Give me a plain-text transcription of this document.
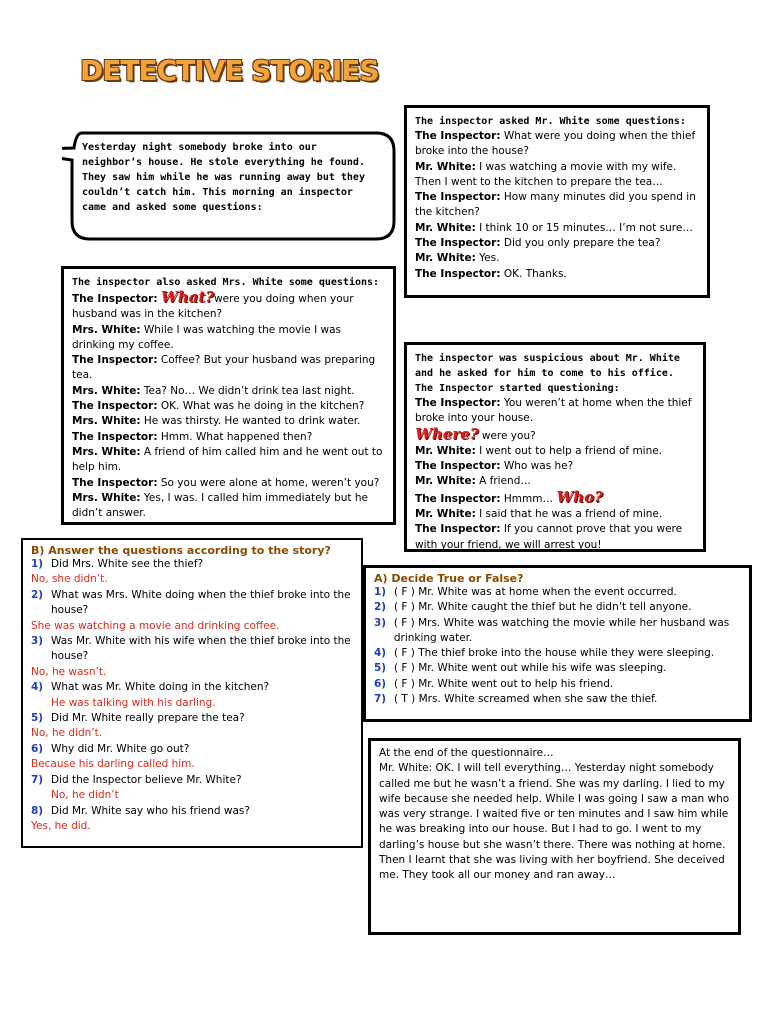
DETECTIVE STORIES
Yesterday night somebody broke into our neighbor’s house. He stole everything he found. They saw him while he was running away but they couldn’t catch him. This morning an inspector came and asked some questions:
The inspector asked Mr. White some questions:
The Inspector: What were you doing when the thief broke into the house?
Mr. White: I was watching a movie with my wife. Then I went to the kitchen to prepare the tea…
The Inspector: How many minutes did you spend in the kitchen?
Mr. White: I think 10 or 15 minutes… I’m not sure…
The Inspector: Did you only prepare the tea?
Mr. White: Yes.
The Inspector: OK. Thanks.
The inspector also asked Mrs. White some questions:
The Inspector: What?were you doing when your husband was in the kitchen?
Mrs. White: While I was watching the movie I was drinking my coffee.
The Inspector: Coffee? But your husband was preparing tea.
Mrs. White: Tea? No… We didn’t drink tea last night.
The Inspector: OK. What was he doing in the kitchen?
Mrs. White: He was thirsty. He wanted to drink water.
The Inspector: Hmm. What happened then?
Mrs. White: A friend of him called him and he went out to help him.
The Inspector: So you were alone at home, weren’t you?
Mrs. White: Yes, I was. I called him immediately but he didn’t answer.
The inspector was suspicious about Mr. White and he asked for him to come to his office. The Inspector started questioning:
The Inspector: You weren’t at home when the thief broke into your house.
Where? were you?
Mr. White: I went out to help a friend of mine.
The Inspector: Who was he?
Mr. White: A friend…
The Inspector: Hmmm… Who?
Mr. White: I said that he was a friend of mine.
The Inspector: If you cannot prove that you were with your friend, we will arrest you!
B) Answer the questions according to the story?
1) Did Mrs. White see the thief?
No, she didn’t.
2) What was Mrs. White doing when the thief broke into the house?
She was watching a movie and drinking coffee.
3) Was Mr. White with his wife when the thief broke into the house?
No, he wasn’t.
4) What was Mr. White doing in the kitchen?
He was talking with his darling.
5) Did Mr. White really prepare the tea?
No, he didn’t.
6) Why did Mr. White go out?
Because his darling called him.
7) Did the Inspector believe Mr. White?
No, he didn’t
8) Did Mr. White say who his friend was?
Yes, he did.
A) Decide True or False?
1) ( F ) Mr. White was at home when the event occurred.
2) ( F ) Mr. White caught the thief but he didn’t tell anyone.
3) ( F ) Mrs. White was watching the movie while her husband was drinking water.
4) ( F ) The thief broke into the house while they were sleeping.
5) ( F ) Mr. White went out while his wife was sleeping.
6) ( F ) Mr. White went out to help his friend.
7) ( T ) Mrs. White screamed when she saw the thief.
At the end of the questionnaire…
Mr. White: OK. I will tell everything… Yesterday night somebody called me but he wasn’t a friend. She was my darling. I lied to my wife because she needed help. While I was going I saw a man who was very strange. I waited five or ten minutes and I saw him while he was breaking into our house. But I had to go. I went to my darling’s house but she wasn’t there. There was nothing at home. Then I learnt that she was living with her boyfriend. She deceived me. They took all our money and ran away…
